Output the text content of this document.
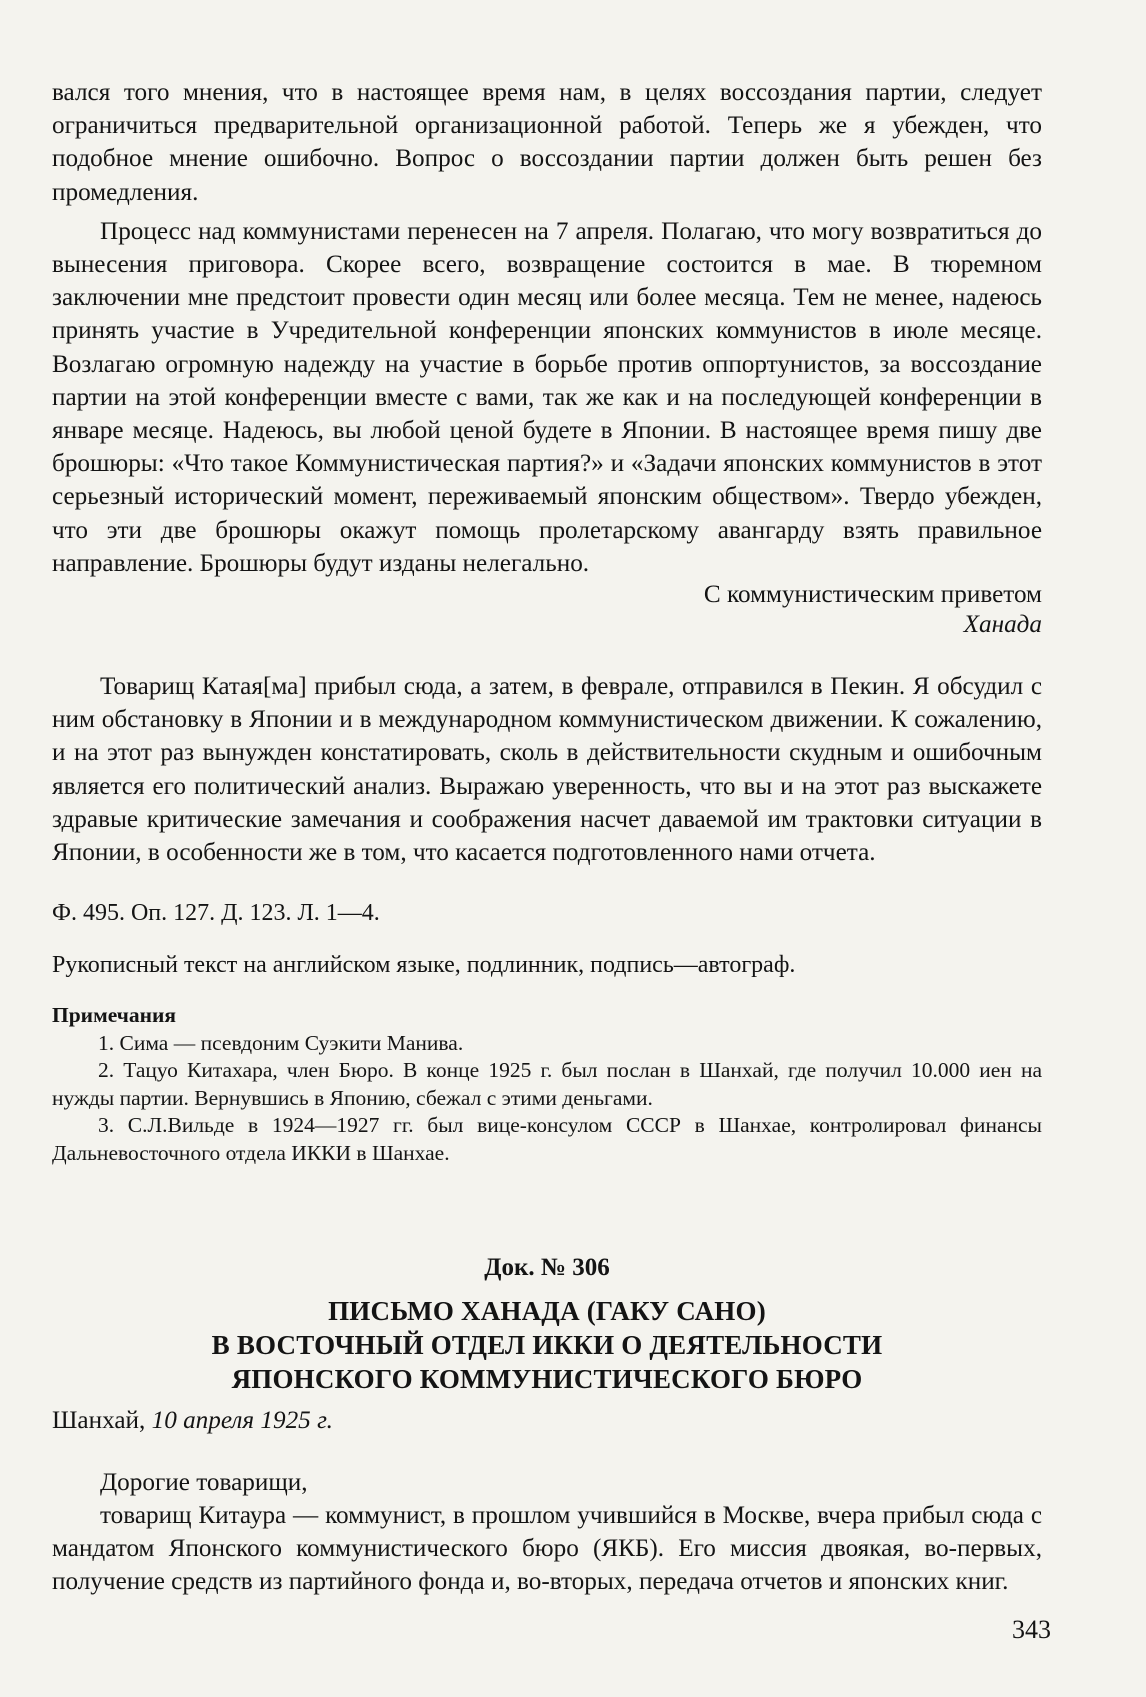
вался того мнения, что в настоящее время нам, в целях воссоздания партии, следует ограничиться предварительной организационной работой. Теперь же я убежден, что подобное мнение ошибочно. Вопрос о воссоздании партии должен быть решен без промедления.

Процесс над коммунистами перенесен на 7 апреля. Полагаю, что могу возвратиться до вынесения приговора. Скорее всего, возвращение состоится в мае. В тюремном заключении мне предстоит провести один месяц или более месяца. Тем не менее, надеюсь принять участие в Учредительной конференции японских коммунистов в июле месяце. Возлагаю огромную надежду на участие в борьбе против оппортунистов, за воссоздание партии на этой конференции вместе с вами, так же как и на последующей конференции в январе месяце. Надеюсь, вы любой ценой будете в Японии. В настоящее время пишу две брошюры: «Что такое Коммунистическая партия?» и «Задачи японских коммунистов в этот серьезный исторический момент, переживаемый японским обществом». Твердо убежден, что эти две брошюры окажут помощь пролетарскому авангарду взять правильное направление. Брошюры будут изданы нелегально.

С коммунистическим приветом
Ханада

Товарищ Катая[ма] прибыл сюда, а затем, в феврале, отправился в Пекин. Я обсудил с ним обстановку в Японии и в международном коммунистическом движении. К сожалению, и на этот раз вынужден констатировать, сколь в действительности скудным и ошибочным является его политический анализ. Выражаю уверенность, что вы и на этот раз выскажете здравые критические замечания и соображения насчет даваемой им трактовки ситуации в Японии, в особенности же в том, что касается подготовленного нами отчета.

Ф. 495. Оп. 127. Д. 123. Л. 1—4.

Рукописный текст на английском языке, подлинник, подпись—автограф.

Примечания

1. Сима — псевдоним Суэкити Манива.

2. Тацуо Китахара, член Бюро. В конце 1925 г. был послан в Шанхай, где получил 10.000 иен на нужды партии. Вернувшись в Японию, сбежал с этими деньгами.

3. С.Л.Вильде в 1924—1927 гг. был вице-консулом СССР в Шанхае, контролировал финансы Дальневосточного отдела ИККИ в Шанхае.

Док. № 306

ПИСЬМО ХАНАДА (ГАКУ САНО)

В ВОСТОЧНЫЙ ОТДЕЛ ИККИ О ДЕЯТЕЛЬНОСТИ

ЯПОНСКОГО КОММУНИСТИЧЕСКОГО БЮРО

Шанхай, 10 апреля 1925 г.

Дорогие товарищи,

товарищ Китаура — коммунист, в прошлом учившийся в Москве, вчера прибыл сюда с мандатом Японского коммунистического бюро (ЯКБ). Его миссия двоякая, во-первых, получение средств из партийного фонда и, во-вторых, передача отчетов и японских книг.

343
